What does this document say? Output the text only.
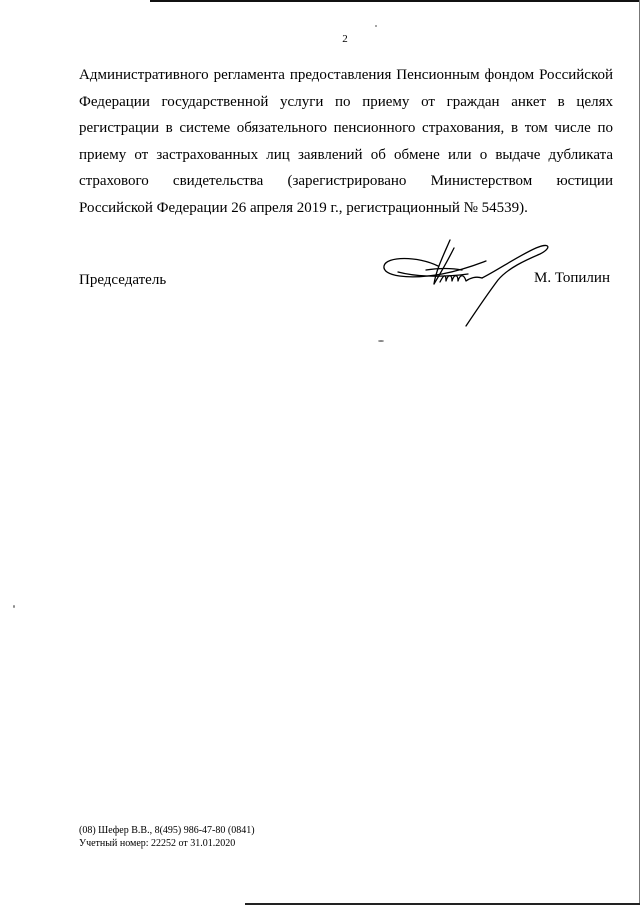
2
Административного регламента предоставления Пенсионным фондом Российской
Федерации государственной услуги по приему от граждан анкет в целях
регистрации в системе обязательного пенсионного страхования, в том числе по
приему от застрахованных лиц заявлений об обмене или о выдаче дубликата
страхового свидетельства (зарегистрировано Министерством юстиции
Российской Федерации 26 апреля 2019 г., регистрационный № 54539).
Председатель	М. Топилин
(08) Шефер В.В., 8(495) 986-47-80 (0841)
Учетный номер: 22252 от 31.01.2020
